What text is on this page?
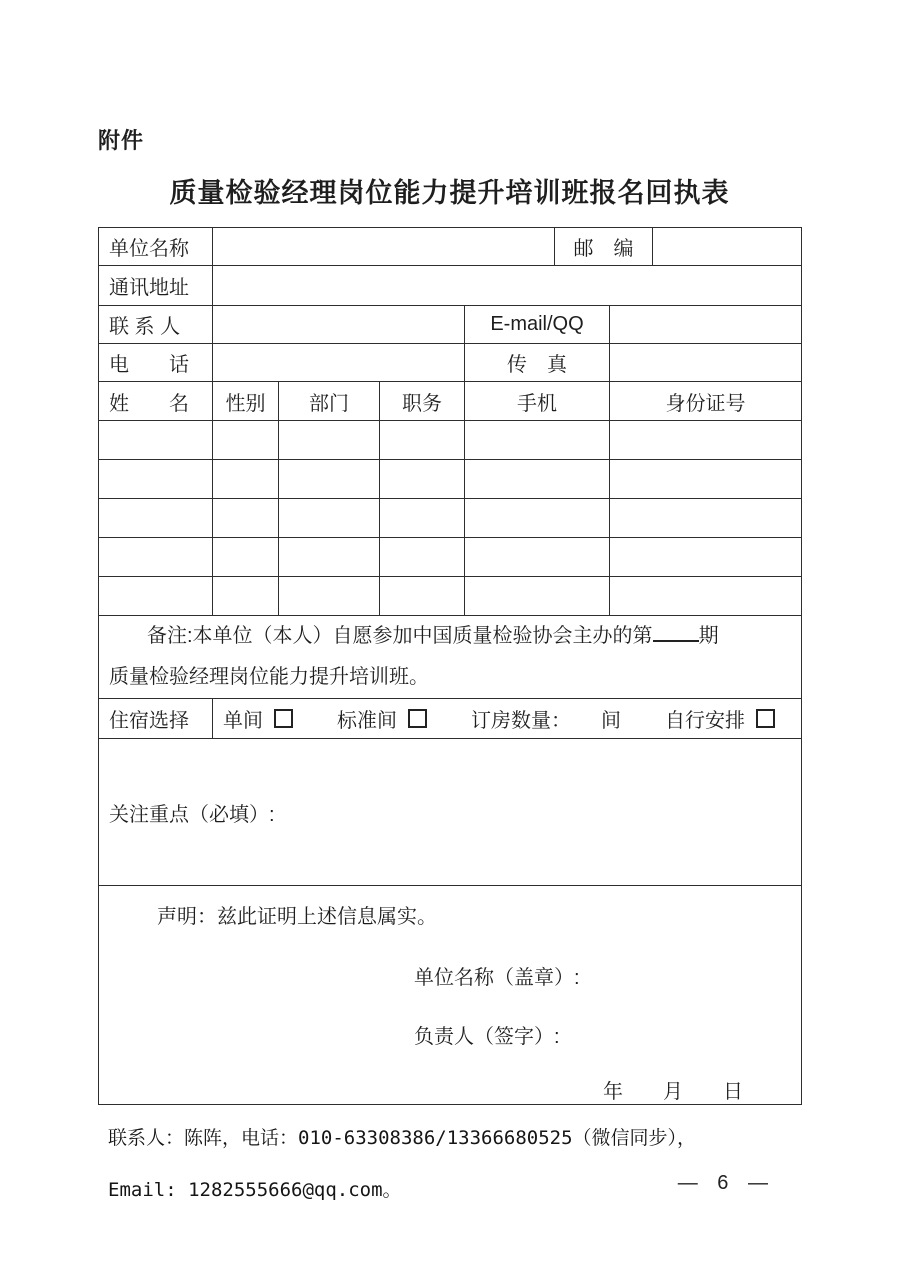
附件
质量检验经理岗位能力提升培训班报名回执表
单位名称					邮　编		
通讯地址							
联 系 人				E-mail/QQ			
电　　话				传　真			
姓　　名	性别	部门	职务	手机		身份证号	

备注:本单位（本人）自愿参加中国质量检验协会主办的第 期
质量检验经理岗位能力提升培训班。							
住宿选择	单间 标准间 订房数量： 间 自行安排						

关注重点（必填）:							

声明：兹此证明上述信息属实。
单位名称（盖章）:
负责人（签字）:
年　　月　　日							
联系人：陈阵，电话：010-63308386/13366680525（微信同步），
Email: 1282555666@qq.com。	— 6 —
